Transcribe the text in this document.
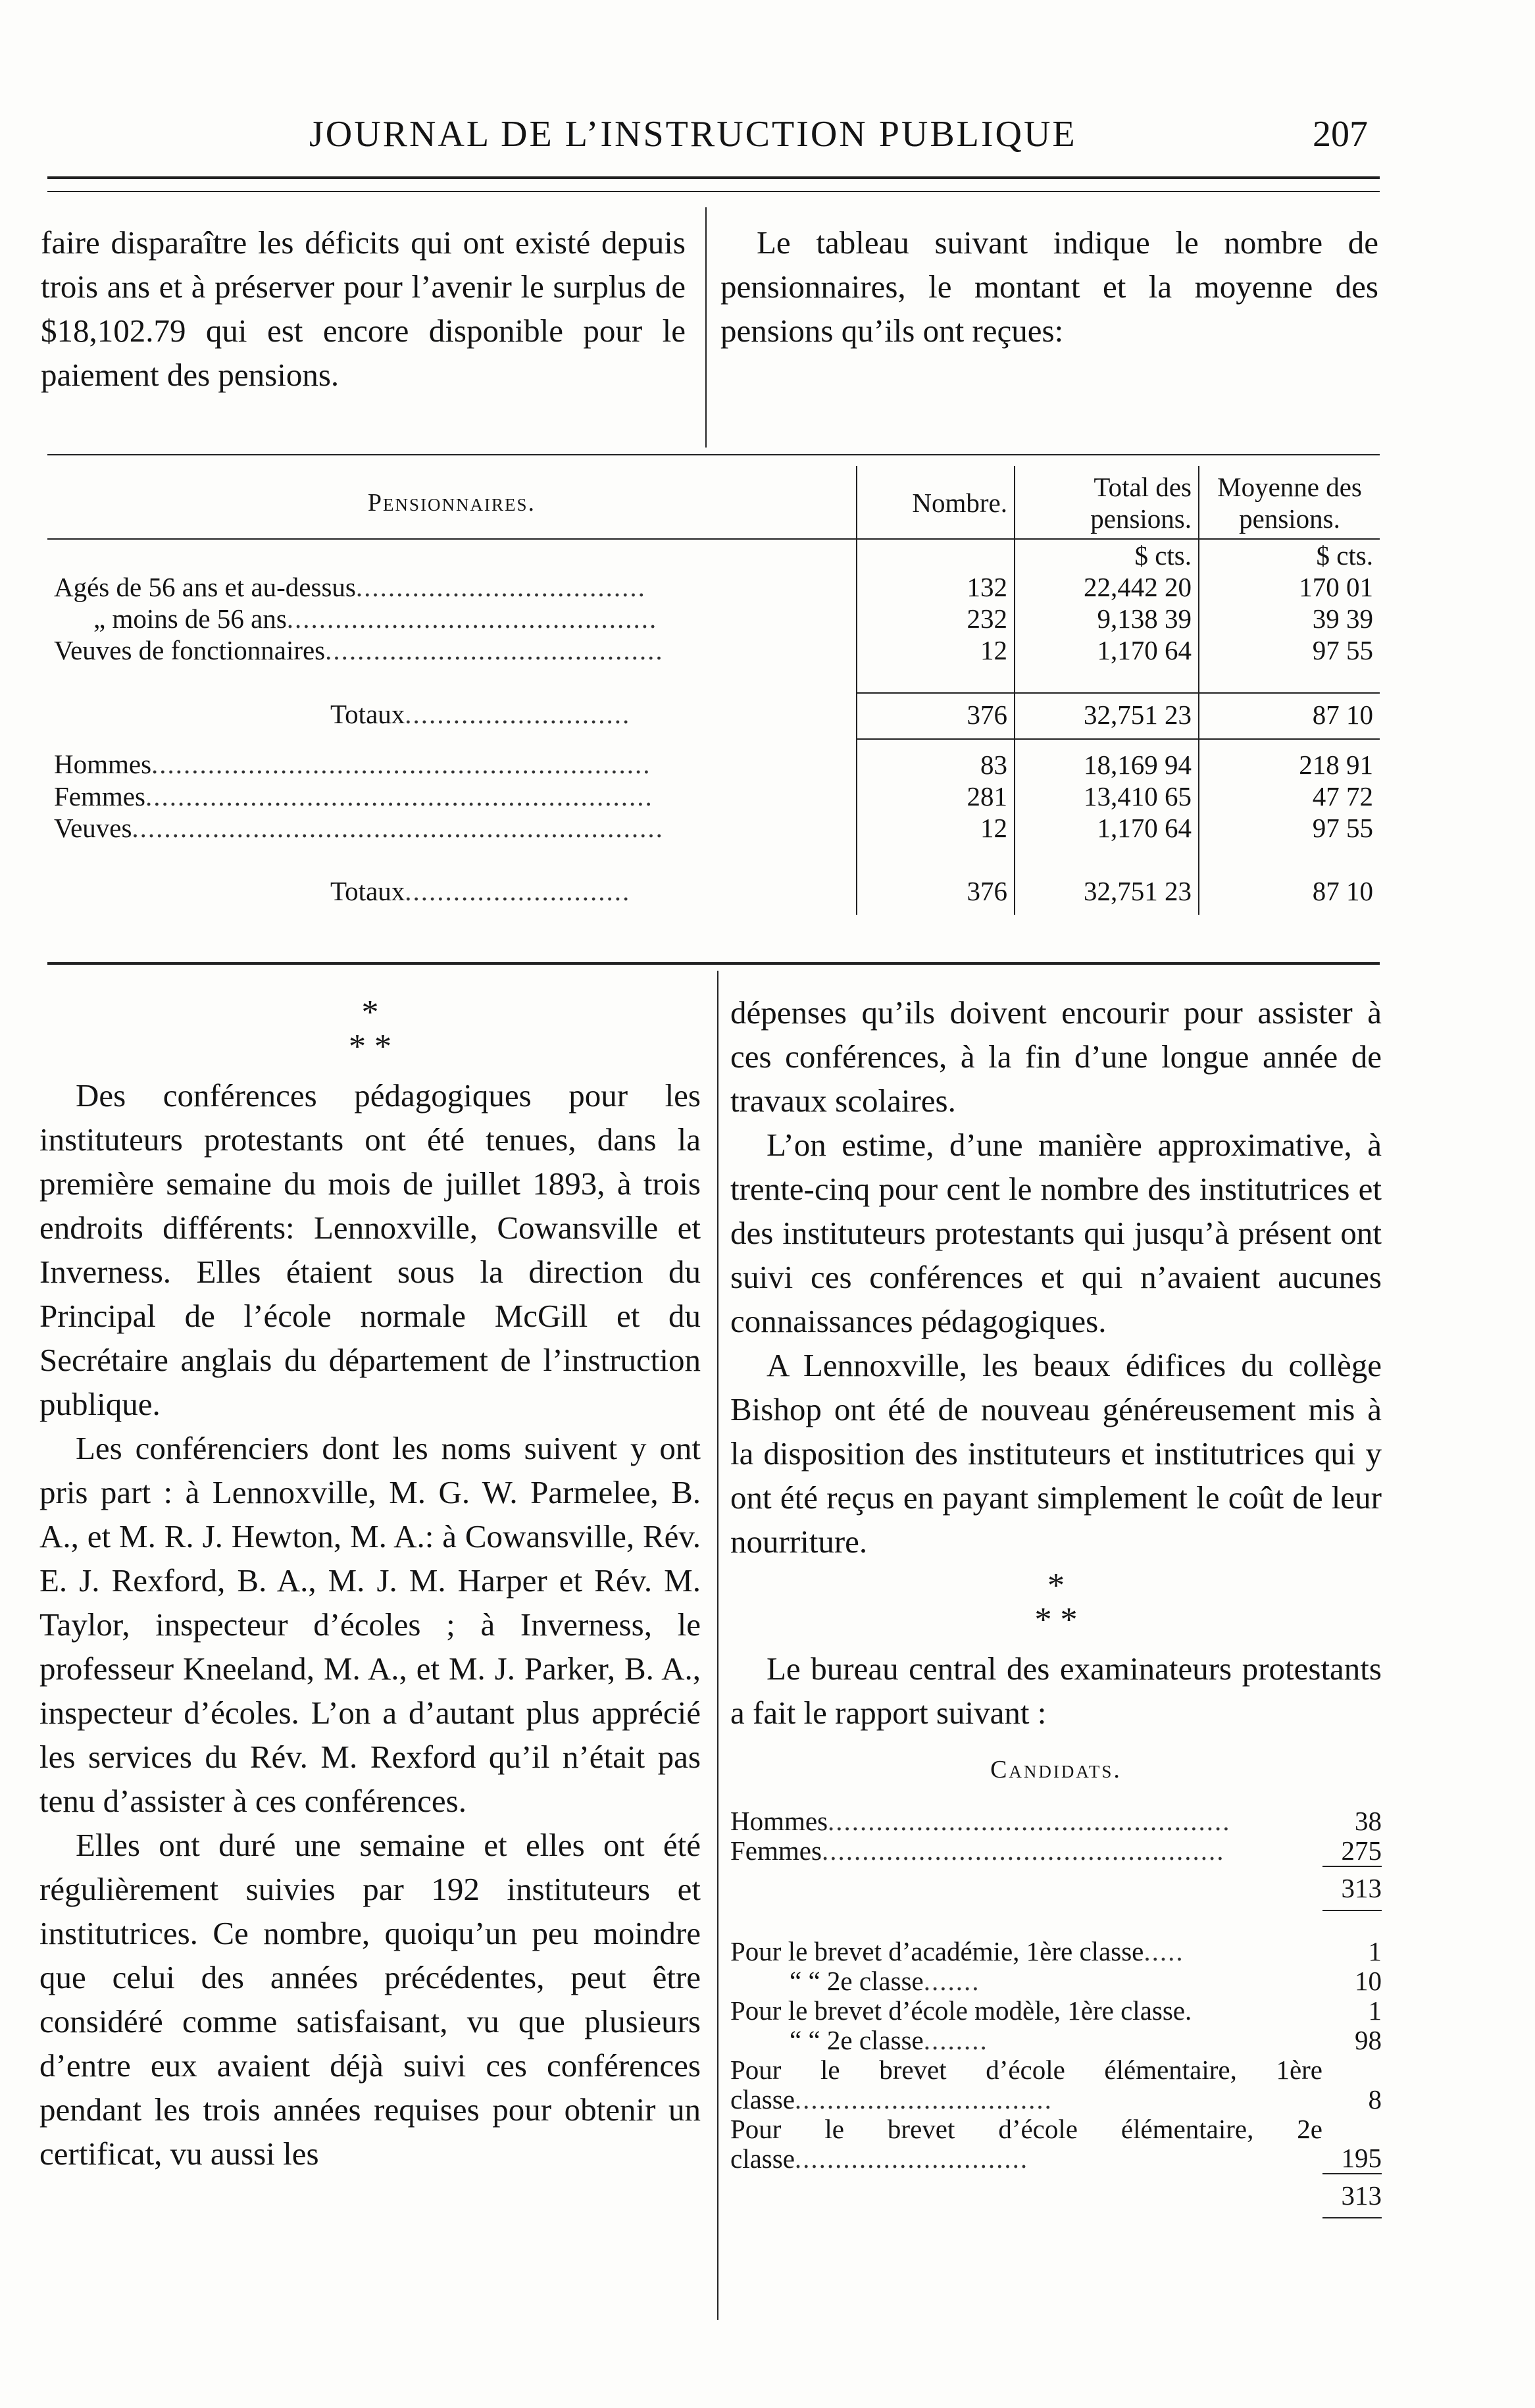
JOURNAL DE L’INSTRUCTION PUBLIQUE	207

faire disparaître les déficits qui ont existé depuis trois ans et à préserver pour l’avenir le surplus de $18,102.79 qui est encore disponible pour le paiement des pensions.

Le tableau suivant indique le nombre de pensionnaires, le montant et la moyenne des pensions qu’ils ont reçues:

Pensionnaires.	Nombre.	Total des pensions.	Moyenne des pensions.
		$ cts.	$ cts.
Agés de 56 ans et au-dessus....................................	132	22,442 20	170 01
„ moins de 56 ans..............................................	232	9,138 39	39 39
Veuves de fonctionnaires..........................................	12	1,170 64	97 55

Totaux............................	376	32,751 23	87 10
Hommes..............................................................	83	18,169 94	218 91
Femmes...............................................................	281	13,410 65	47 72
Veuves..................................................................	12	1,170 64	97 55

Totaux............................	376	32,751 23	87 10
*
* *

Des conférences pédagogiques pour les instituteurs protestants ont été tenues, dans la première semaine du mois de juillet 1893, à trois endroits différents: Lennoxville, Cowansville et Inverness. Elles étaient sous la direction du Principal de l’école normale McGill et du Secrétaire anglais du département de l’instruction publique.

Les conférenciers dont les noms suivent y ont pris part : à Lennoxville, M. G. W. Parmelee, B. A., et M. R. J. Hewton, M. A.: à Cowansville, Rév. E. J. Rexford, B. A., M. J. M. Harper et Rév. M. Taylor, inspecteur d’écoles ; à Inverness, le professeur Kneeland, M. A., et M. J. Parker, B. A., inspecteur d’écoles. L’on a d’autant plus apprécié les services du Rév. M. Rexford qu’il n’était pas tenu d’assister à ces conférences.

Elles ont duré une semaine et elles ont été régulièrement suivies par 192 instituteurs et institutrices. Ce nombre, quoiqu’un peu moindre que celui des années précédentes, peut être considéré comme satisfaisant, vu que plusieurs d’entre eux avaient déjà suivi ces conférences pendant les trois années requises pour obtenir un certificat, vu aussi les

dépenses qu’ils doivent encourir pour assister à ces conférences, à la fin d’une longue année de travaux scolaires.

L’on estime, d’une manière approximative, à trente-cinq pour cent le nombre des institutrices et des instituteurs protestants qui jusqu’à présent ont suivi ces conférences et qui n’avaient aucunes connaissances pédagogiques.

A Lennoxville, les beaux édifices du collège Bishop ont été de nouveau généreusement mis à la disposition des instituteurs et institutrices qui y ont été reçus en payant simplement le coût de leur nourriture.

*
* *

Le bureau central des examinateurs protestants a fait le rapport suivant :

Candidats.
Hommes..................................................	38
Femmes..................................................	275
	313

Pour le brevet d’académie, 1ère classe.....	1
“ “ 2e classe.......	10
Pour le brevet d’école modèle, 1ère classe.	1
“ “ 2e classe........	98
Pour le brevet d’école élémentaire, 1ère classe................................	8
Pour le brevet d’école élémentaire, 2e classe.............................	195
	313
